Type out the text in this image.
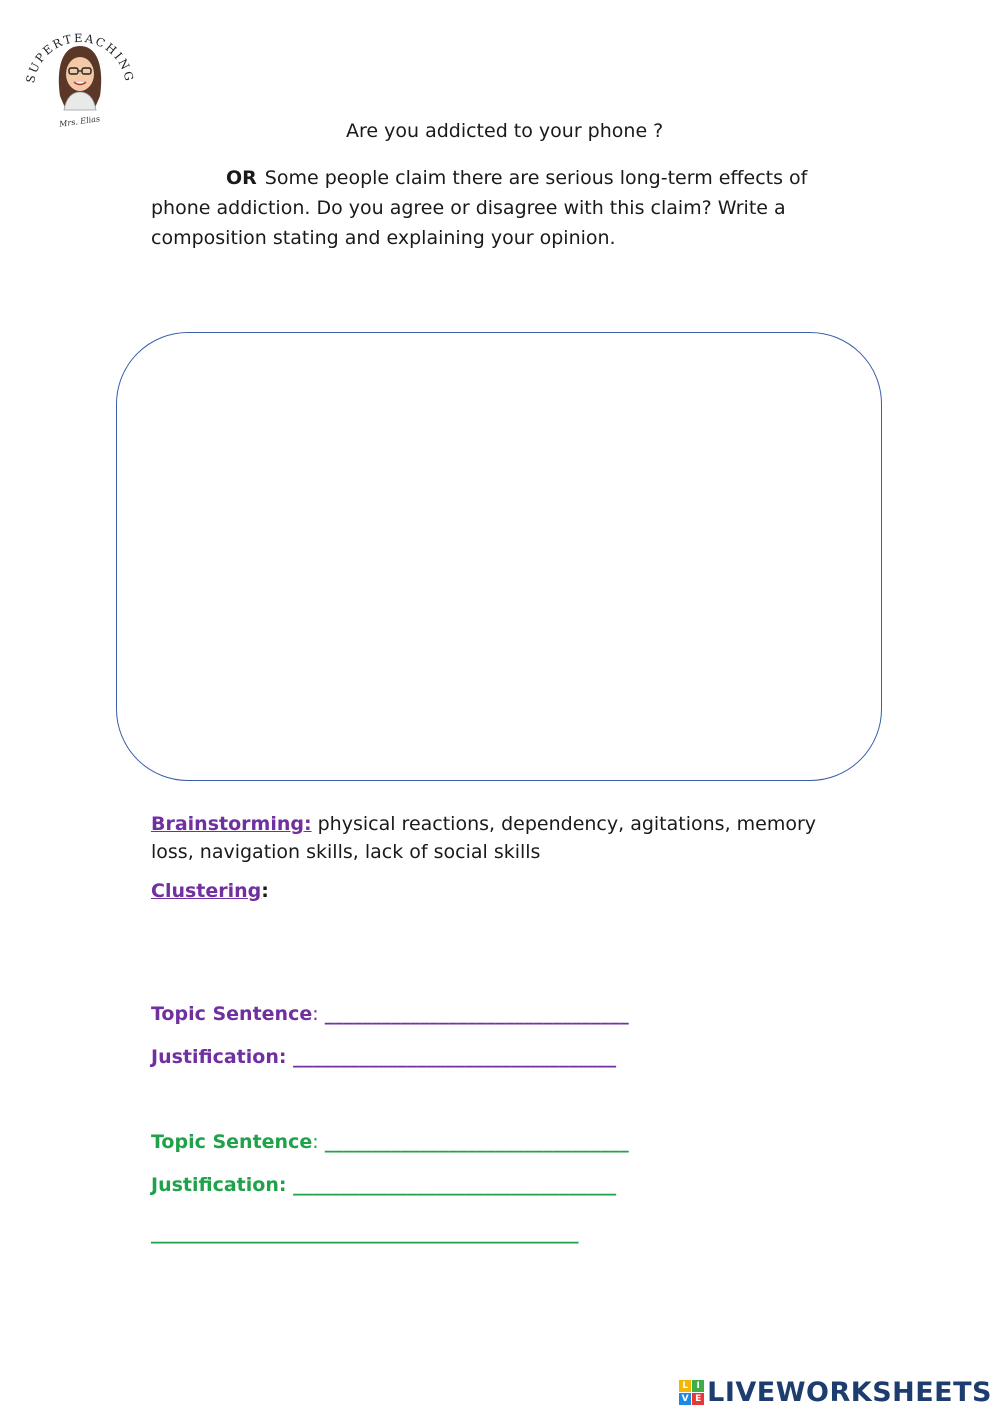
SUPERTEACHING
Mrs. Elias	Are you addicted to your phone ?
OR Some people claim there are serious long-term effects of phone addiction. Do you agree or disagree with this claim? Write a composition stating and explaining your opinion.
Brainstorming: physical reactions, dependency, agitations, memory loss, navigation skills, lack of social skills
Clustering:
Topic Sentence: ________________________________
Justification: __________________________________
Topic Sentence: ________________________________
Justification: __________________________________
_____________________________________________
L I
V E LIVEWORKSHEETS
